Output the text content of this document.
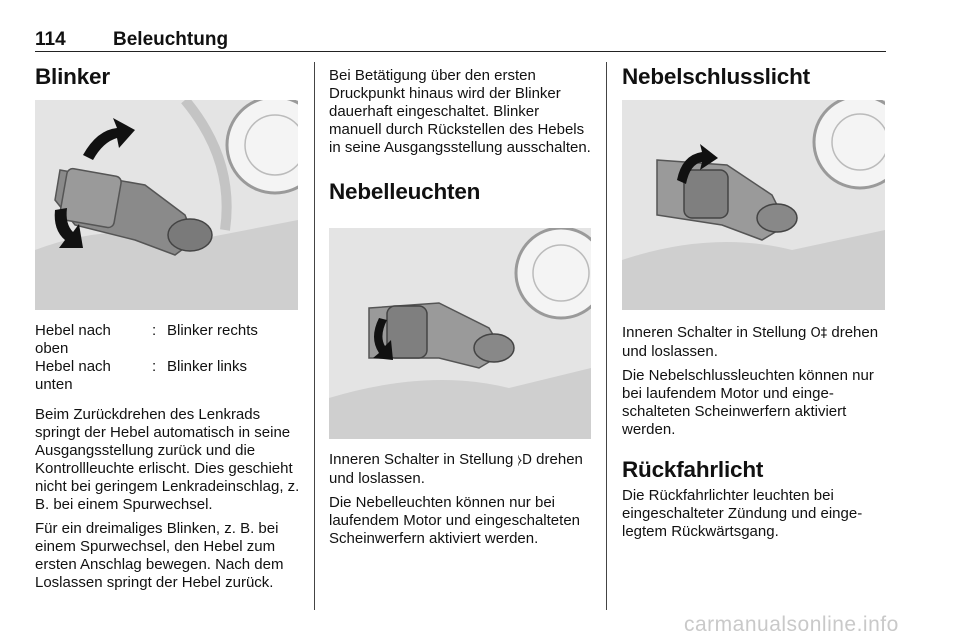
114 Beleuchtung
Blinker
Hebel nach oben
: Blinker rechts
Hebel nach unten
: Blinker links

Beim Zurückdrehen des Lenkrads springt der Hebel automatisch in seine Ausgangsstellung zurück und die Kontrollleuchte erlischt. Dies geschieht nicht bei geringem Lenkradeinschlag, z. B. bei einem Spurwechsel.

Für ein dreimaliges Blinken, z. B. bei einem Spurwechsel, den Hebel zum ersten Anschlag bewegen. Nach dem Loslassen springt der Hebel zurück.

Bei Betätigung über den ersten Druckpunkt hinaus wird der Blinker dauerhaft eingeschaltet. Blinker manuell durch Rückstellen des Hebels in seine Ausgangsstellung ausschalten.

Nebelleuchten

Inneren Schalter in Stellung ⧽D drehen und loslassen.

Die Nebelleuchten können nur bei laufendem Motor und eingeschalteten Scheinwerfern aktiviert werden.

Nebelschlusslicht

Inneren Schalter in Stellung O‡ drehen und loslassen.

Die Nebelschlussleuchten können nur bei laufendem Motor und eingeschalteten Scheinwerfern aktiviert werden.

Rückfahrlicht

Die Rückfahrlichter leuchten bei eingeschalteter Zündung und eingelegtem Rückwärtsgang.

carmanualsonline.info
